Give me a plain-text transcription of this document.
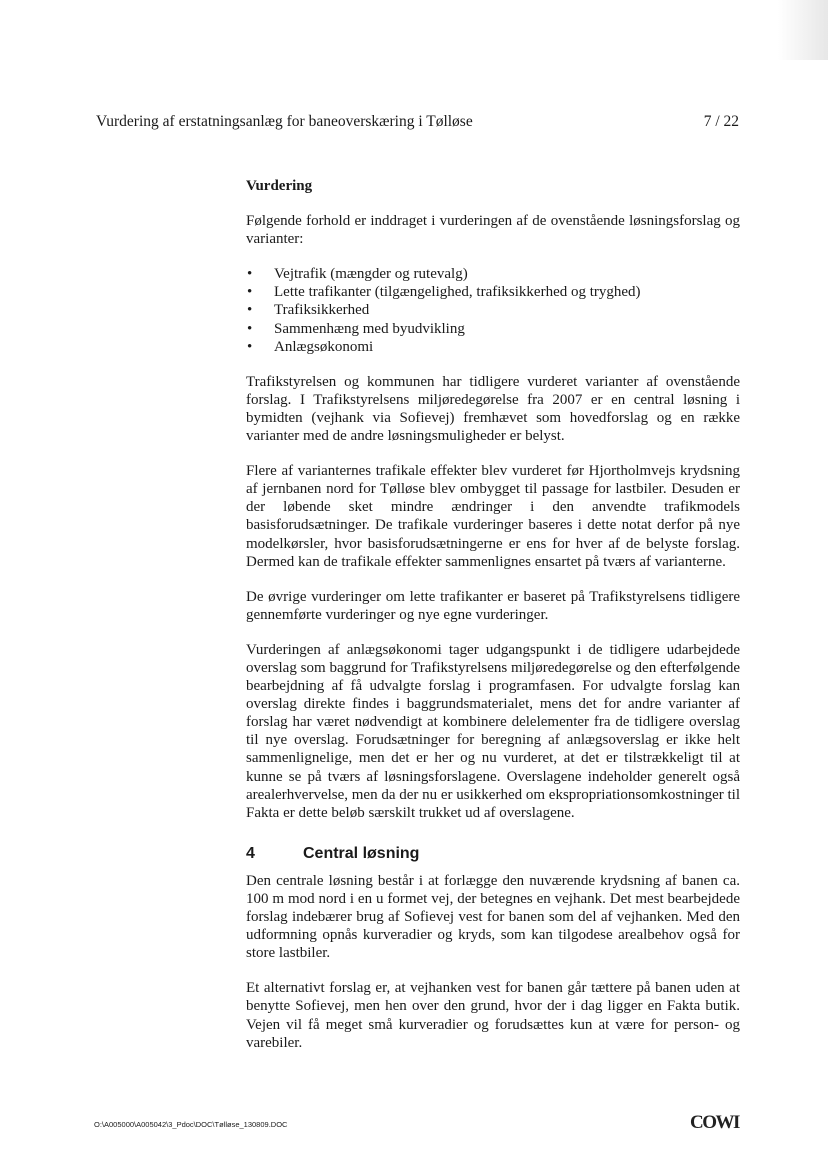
Vurdering af erstatningsanlæg for baneoverskæring i Tølløse	7 / 22

Vurdering

Følgende forhold er inddraget i vurderingen af de ovenstående løsningsforslag og varianter:

• Vejtrafik (mængder og rutevalg)
• Lette trafikanter (tilgængelighed, trafiksikkerhed og tryghed)
• Trafiksikkerhed
• Sammenhæng med byudvikling
• Anlægsøkonomi

Trafikstyrelsen og kommunen har tidligere vurderet varianter af ovenstående forslag. I Trafikstyrelsens miljøredegørelse fra 2007 er en central løsning i bymidten (vejhank via Sofievej) fremhævet som hovedforslag og en række varianter med de andre løsningsmuligheder er belyst.

Flere af varianternes trafikale effekter blev vurderet før Hjortholmvejs krydsning af jernbanen nord for Tølløse blev ombygget til passage for lastbiler. Desuden er der løbende sket mindre ændringer i den anvendte trafikmodels basisforudsætninger. De trafikale vurderinger baseres i dette notat derfor på nye modelkørsler, hvor basisforudsætningerne er ens for hver af de belyste forslag. Dermed kan de trafikale effekter sammenlignes ensartet på tværs af varianterne.

De øvrige vurderinger om lette trafikanter er baseret på Trafikstyrelsens tidligere gennemførte vurderinger og nye egne vurderinger.

Vurderingen af anlægsøkonomi tager udgangspunkt i de tidligere udarbejdede overslag som baggrund for Trafikstyrelsens miljøredegørelse og den efterfølgende bearbejdning af få udvalgte forslag i programfasen. For udvalgte forslag kan overslag direkte findes i baggrundsmaterialet, mens det for andre varianter af forslag har været nødvendigt at kombinere delelementer fra de tidligere overslag til nye overslag. Forudsætninger for beregning af anlægsoverslag er ikke helt sammenlignelige, men det er her og nu vurderet, at det er tilstrækkeligt til at kunne se på tværs af løsningsforslagene. Overslagene indeholder generelt også arealerhvervelse, men da der nu er usikkerhed om ekspropriationsomkostninger til Fakta er dette beløb særskilt trukket ud af overslagene.

4	Central løsning

Den centrale løsning består i at forlægge den nuværende krydsning af banen ca. 100 m mod nord i en u formet vej, der betegnes en vejhank. Det mest bearbejdede forslag indebærer brug af Sofievej vest for banen som del af vejhanken. Med den udformning opnås kurveradier og kryds, som kan tilgodese arealbehov også for store lastbiler.

Et alternativt forslag er, at vejhanken vest for banen går tættere på banen uden at benytte Sofievej, men hen over den grund, hvor der i dag ligger en Fakta butik. Vejen vil få meget små kurveradier og forudsættes kun at være for person- og varebiler.

O:\A005000\A005042\3_Pdoc\DOC\Tølløse_130809.DOC	COWI
